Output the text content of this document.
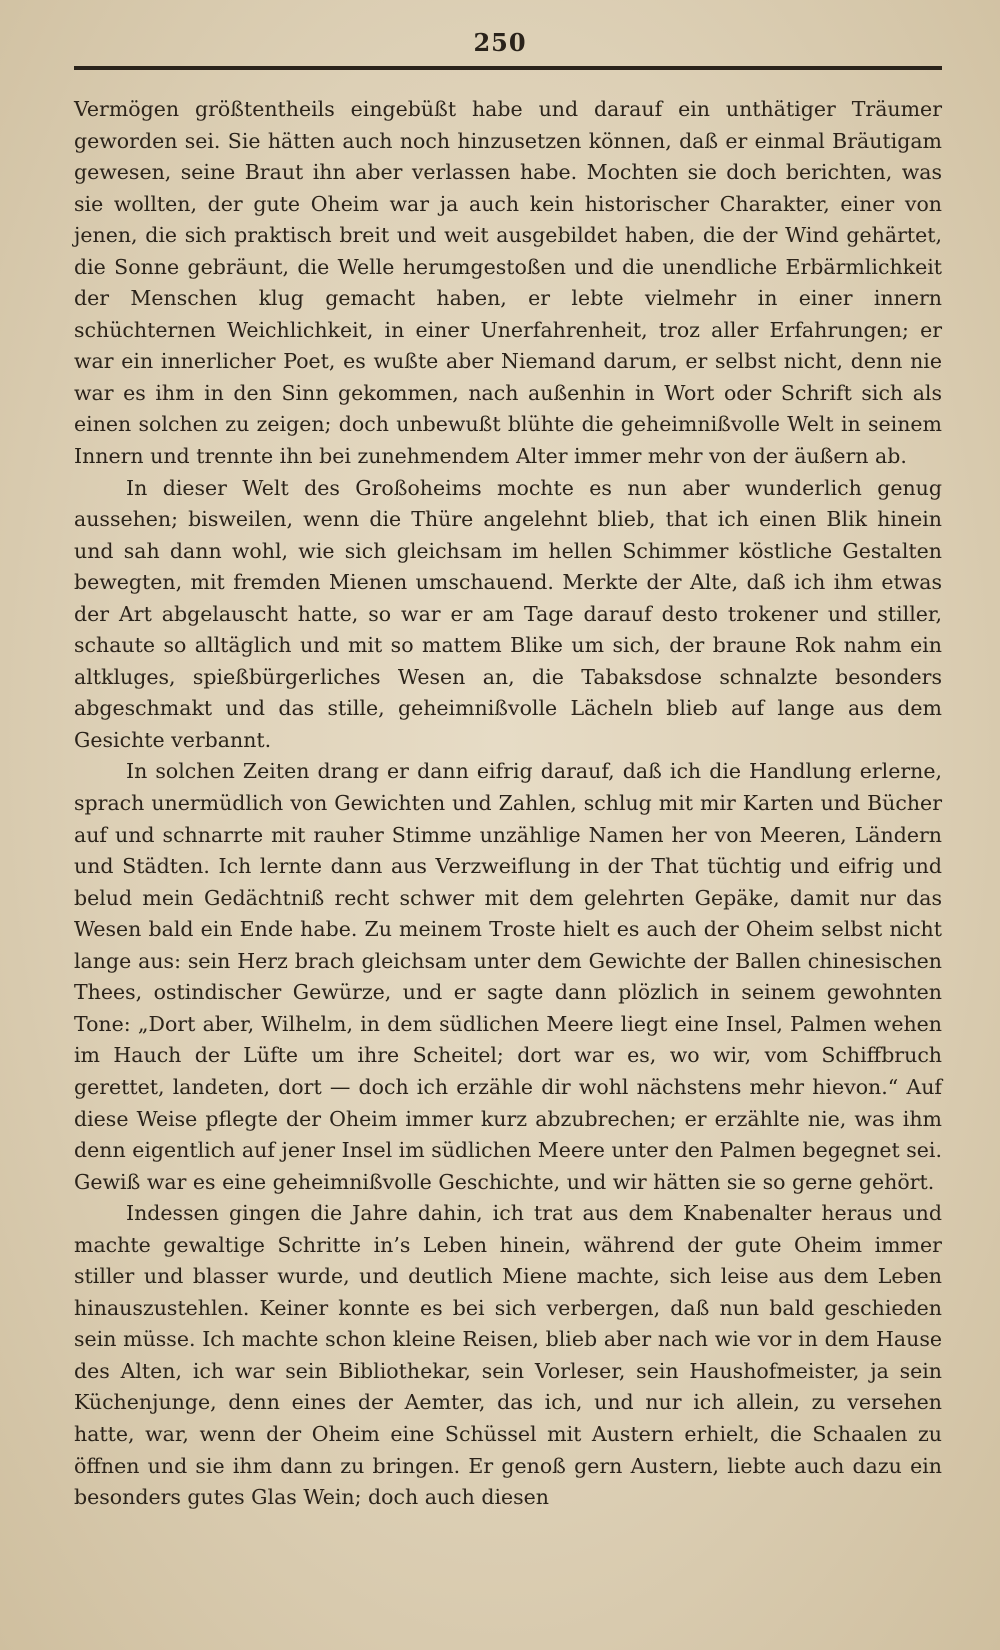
250

Vermögen größtentheils eingebüßt habe und darauf ein unthätiger Träumer geworden sei. Sie hätten auch noch hinzusetzen können, daß er einmal Bräutigam gewesen, seine Braut ihn aber verlassen habe. Mochten sie doch berichten, was sie wollten, der gute Oheim war ja auch kein historischer Charakter, einer von jenen, die sich praktisch breit und weit ausgebildet haben, die der Wind gehärtet, die Sonne gebräunt, die Welle herumgestoßen und die unendliche Erbärmlichkeit der Menschen klug gemacht haben, er lebte vielmehr in einer innern schüchternen Weichlichkeit, in einer Unerfahrenheit, troz aller Erfahrungen; er war ein innerlicher Poet, es wußte aber Niemand darum, er selbst nicht, denn nie war es ihm in den Sinn gekommen, nach außenhin in Wort oder Schrift sich als einen solchen zu zeigen; doch unbewußt blühte die geheimnißvolle Welt in seinem Innern und trennte ihn bei zunehmendem Alter immer mehr von der äußern ab.

In dieser Welt des Großoheims mochte es nun aber wunderlich genug aussehen; bisweilen, wenn die Thüre angelehnt blieb, that ich einen Blik hinein und sah dann wohl, wie sich gleichsam im hellen Schimmer köstliche Gestalten bewegten, mit fremden Mienen umschauend. Merkte der Alte, daß ich ihm etwas der Art abgelauscht hatte, so war er am Tage darauf desto trokener und stiller, schaute so alltäglich und mit so mattem Blike um sich, der braune Rok nahm ein altkluges, spießbürgerliches Wesen an, die Tabaksdose schnalzte besonders abgeschmakt und das stille, geheimnißvolle Lächeln blieb auf lange aus dem Gesichte verbannt.

In solchen Zeiten drang er dann eifrig darauf, daß ich die Handlung erlerne, sprach unermüdlich von Gewichten und Zahlen, schlug mit mir Karten und Bücher auf und schnarrte mit rauher Stimme unzählige Namen her von Meeren, Ländern und Städten. Ich lernte dann aus Verzweiflung in der That tüchtig und eifrig und belud mein Gedächtniß recht schwer mit dem gelehrten Gepäke, damit nur das Wesen bald ein Ende habe. Zu meinem Troste hielt es auch der Oheim selbst nicht lange aus: sein Herz brach gleichsam unter dem Gewichte der Ballen chinesischen Thees, ostindischer Gewürze, und er sagte dann plözlich in seinem gewohnten Tone: „Dort aber, Wilhelm, in dem südlichen Meere liegt eine Insel, Palmen wehen im Hauch der Lüfte um ihre Scheitel; dort war es, wo wir, vom Schiffbruch gerettet, landeten, dort — doch ich erzähle dir wohl nächstens mehr hievon.“ Auf diese Weise pflegte der Oheim immer kurz abzubrechen; er erzählte nie, was ihm denn eigentlich auf jener Insel im südlichen Meere unter den Palmen begegnet sei. Gewiß war es eine geheimnißvolle Geschichte, und wir hätten sie so gerne gehört.

Indessen gingen die Jahre dahin, ich trat aus dem Knabenalter heraus und machte gewaltige Schritte in’s Leben hinein, während der gute Oheim immer stiller und blasser wurde, und deutlich Miene machte, sich leise aus dem Leben hinauszustehlen. Keiner konnte es bei sich verbergen, daß nun bald geschieden sein müsse. Ich machte schon kleine Reisen, blieb aber nach wie vor in dem Hause des Alten, ich war sein Bibliothekar, sein Vorleser, sein Haushofmeister, ja sein Küchenjunge, denn eines der Aemter, das ich, und nur ich allein, zu versehen hatte, war, wenn der Oheim eine Schüssel mit Austern erhielt, die Schaalen zu öffnen und sie ihm dann zu bringen. Er genoß gern Austern, liebte auch dazu ein besonders gutes Glas Wein; doch auch diesen
